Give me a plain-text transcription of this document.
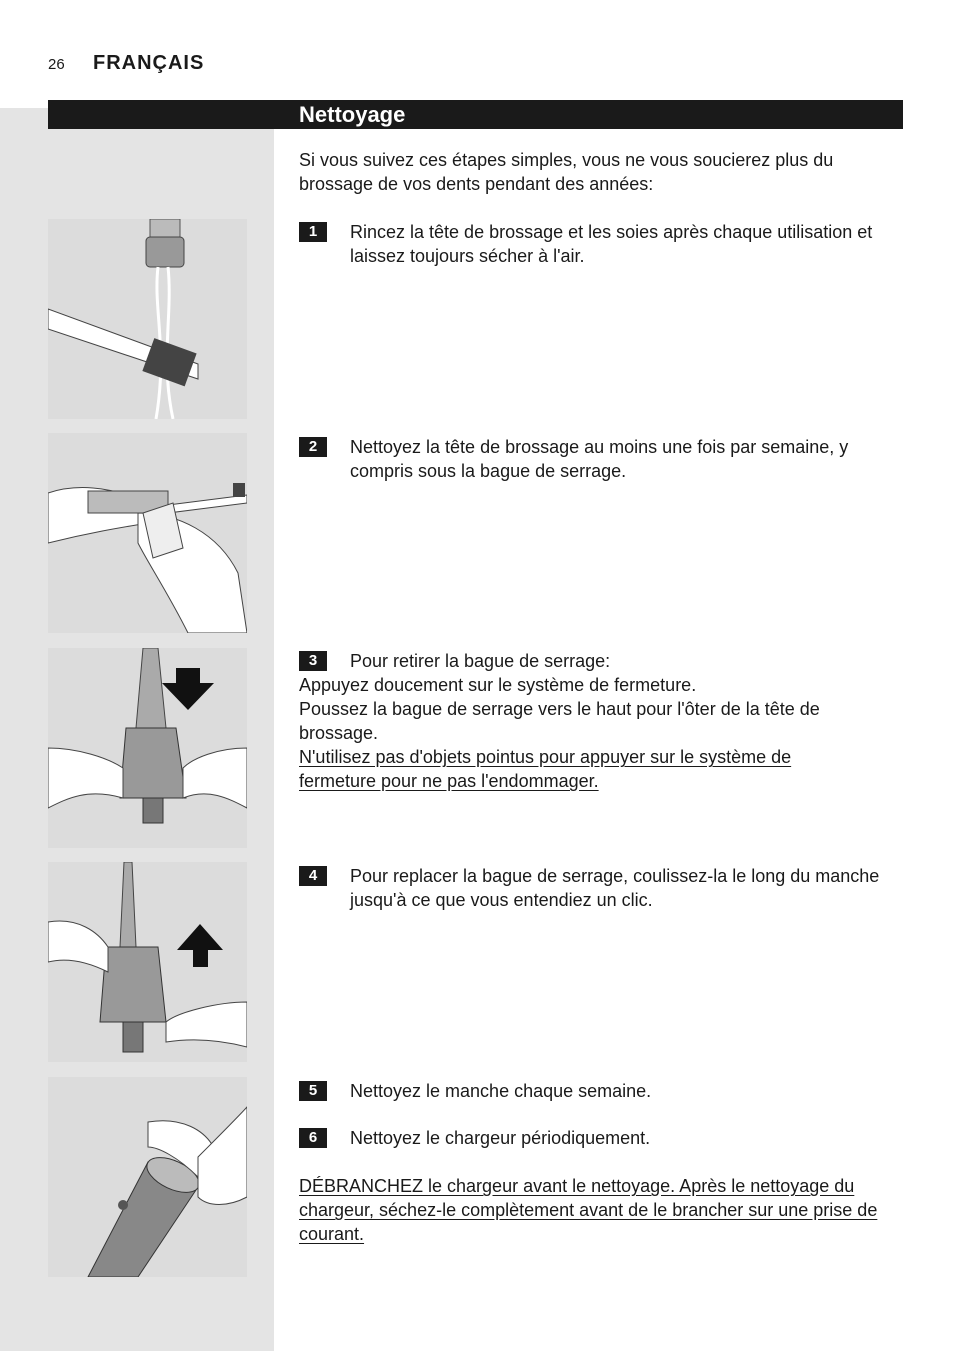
26 FRANÇAIS
Nettoyage
Si vous suivez ces étapes simples, vous ne vous soucierez plus du brossage de vos dents pendant des années:
1	Rincez la tête de brossage et les soies après chaque utilisation et laissez toujours sécher à l'air.
2	Nettoyez la tête de brossage au moins une fois par semaine, y compris sous la bague de serrage.
3	Pour retirer la bague de serrage:
Appuyez doucement sur le système de fermeture.
Poussez la bague de serrage vers le haut pour l'ôter de la tête de brossage.
N'utilisez pas d'objets pointus pour appuyer sur le système de fermeture pour ne pas l'endommager.
4	Pour replacer la bague de serrage, coulissez-la le long du manche jusqu'à ce que vous entendiez un clic.
5	Nettoyez le manche chaque semaine.
6	Nettoyez le chargeur périodiquement.
DÉBRANCHEZ le chargeur avant le nettoyage. Après le nettoyage du chargeur, séchez-le complètement avant de le brancher sur une prise de courant.
